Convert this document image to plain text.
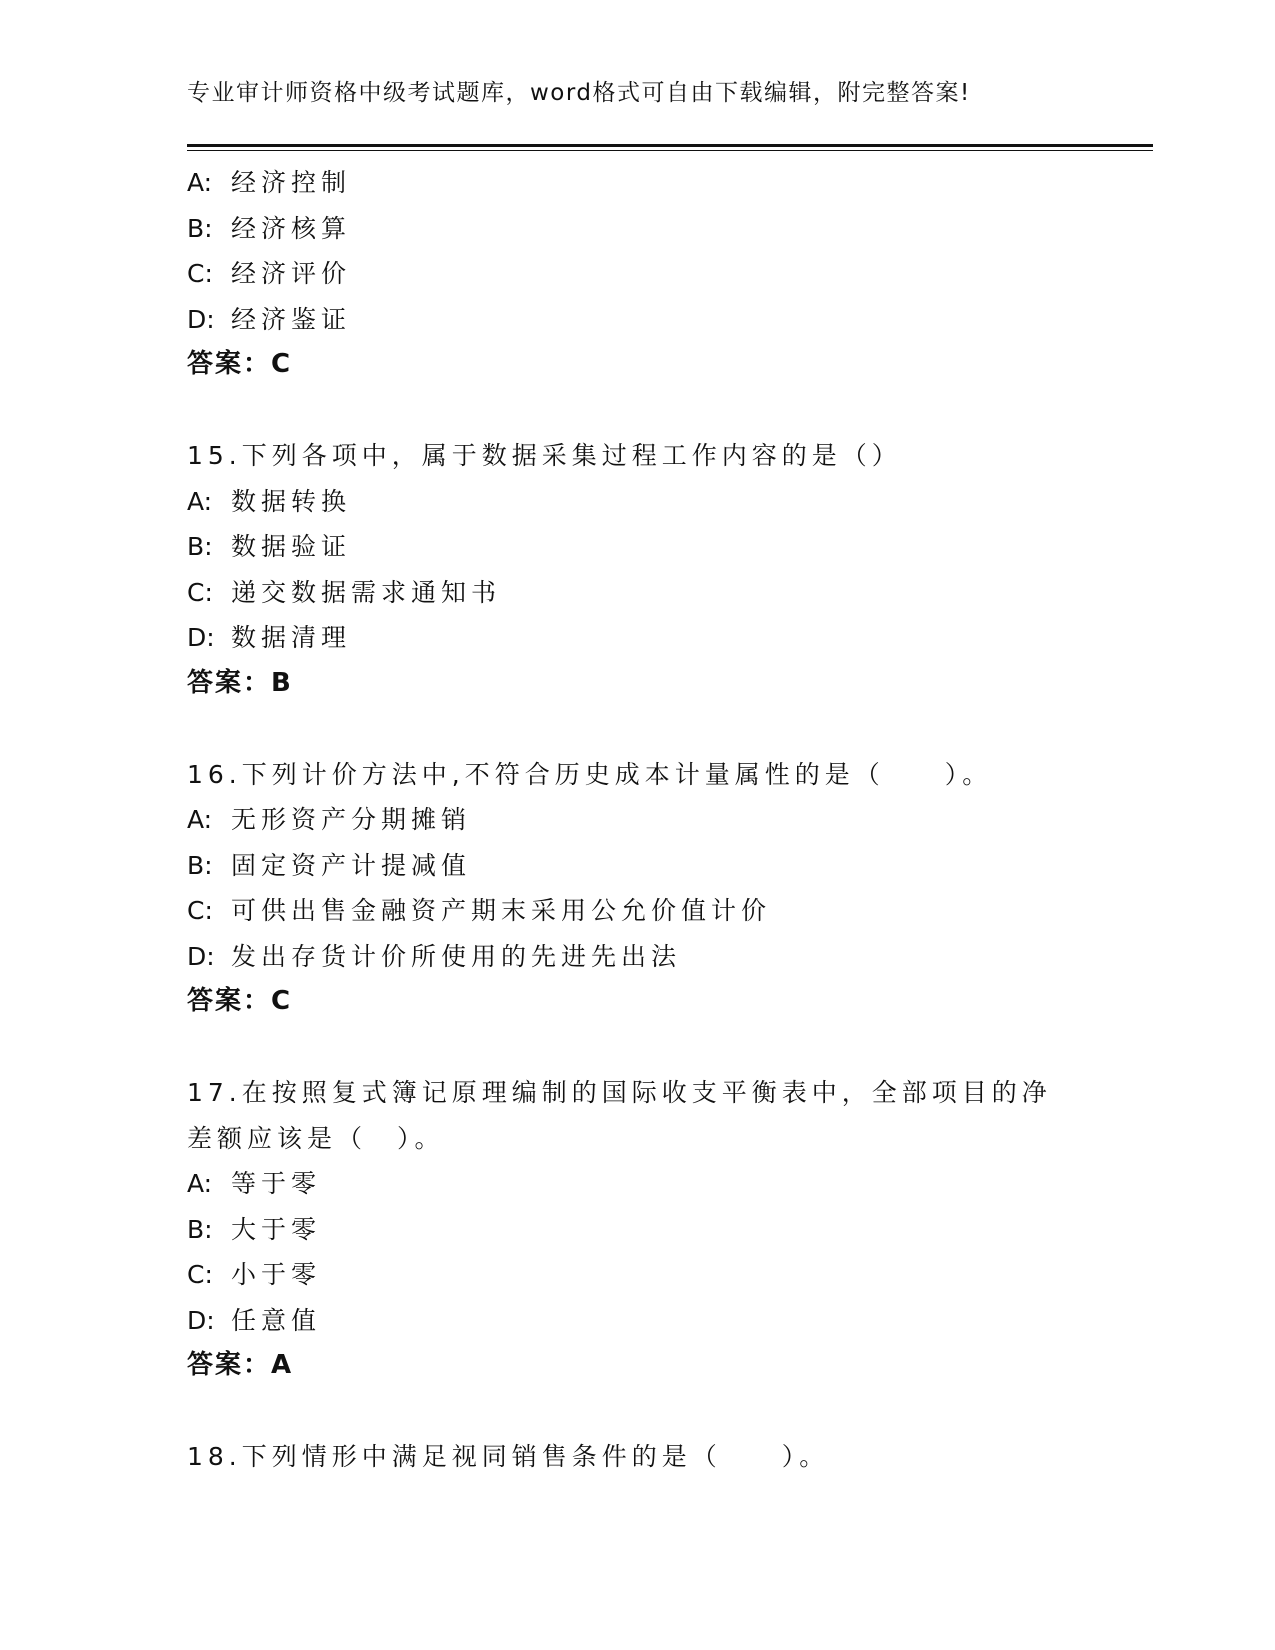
专业审计师资格中级考试题库，word格式可自由下载编辑，附完整答案!
A: 经济控制
B: 经济核算
C: 经济评价
D: 经济鉴证
答案：C
15.下列各项中，属于数据采集过程工作内容的是（）
A: 数据转换
B: 数据验证
C: 递交数据需求通知书
D: 数据清理
答案：B
16.下列计价方法中,不符合历史成本计量属性的是（　　）。
A: 无形资产分期摊销
B: 固定资产计提减值
C: 可供出售金融资产期末采用公允价值计价
D: 发出存货计价所使用的先进先出法
答案：C
17.在按照复式簿记原理编制的国际收支平衡表中，全部项目的净差额应该是（　）。
A: 等于零
B: 大于零
C: 小于零
D: 任意值
答案：A
18.下列情形中满足视同销售条件的是（　　）。
